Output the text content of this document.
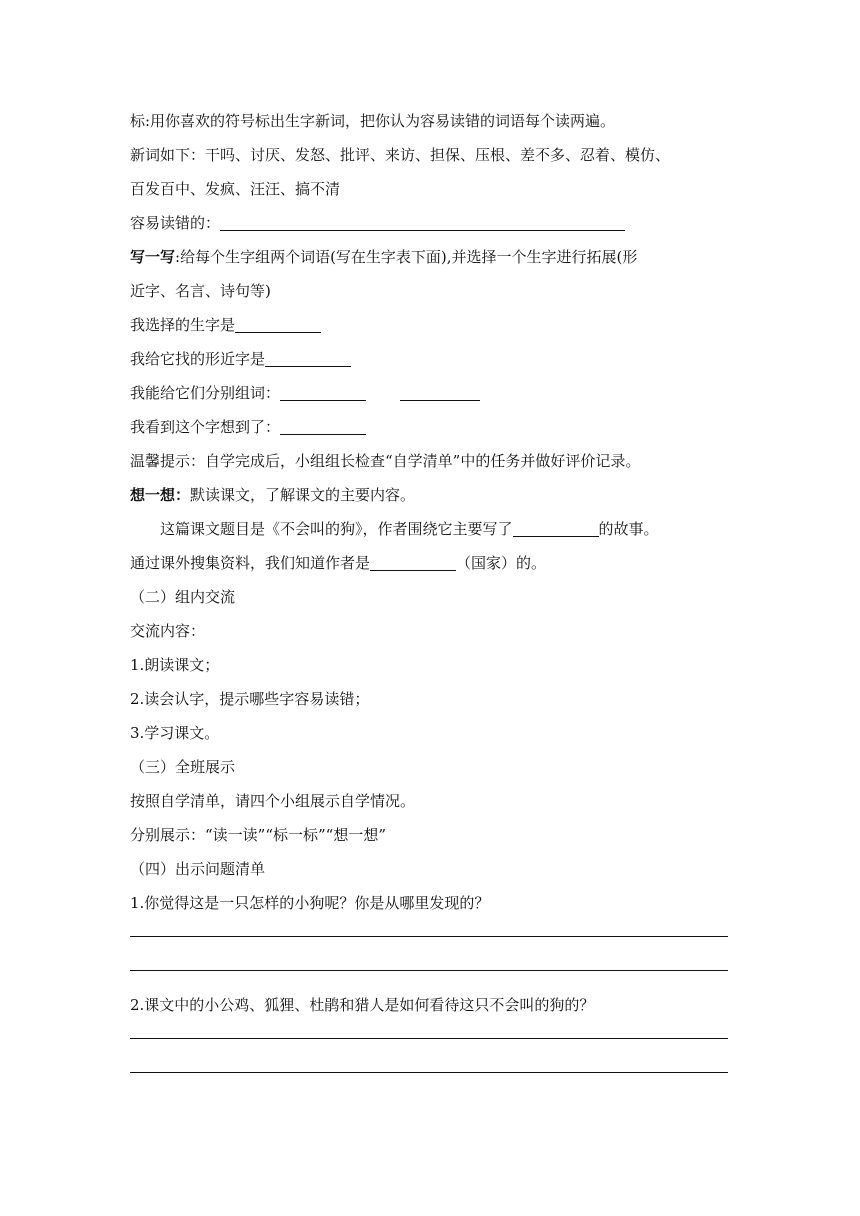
标:用你喜欢的符号标出生字新词，把你认为容易读错的词语每个读两遍。
新词如下：干吗、讨厌、发怒、批评、来访、担保、压根、差不多、忍着、模仿、
百发百中、发疯、汪汪、搞不清
容易读错的：
写一写:给每个生字组两个词语(写在生字表下面),并选择一个生字进行拓展(形
近字、名言、诗句等)
我选择的生字是
我给它找的形近字是
我能给它们分别组词：
我看到这个字想到了：
温馨提示：自学完成后，小组组长检查“自学清单”中的任务并做好评价记录。
想一想：默读课文，了解课文的主要内容。
这篇课文题目是《不会叫的狗》，作者围绕它主要写了	的故事。
通过课外搜集资料，我们知道作者是	（国家）的。
（二）组内交流
交流内容：
1.朗读课文；
2.读会认字，提示哪些字容易读错；
3.学习课文。
（三）全班展示
按照自学清单，请四个小组展示自学情况。
分别展示：“读一读”“标一标”“想一想”
（四）出示问题清单
1.你觉得这是一只怎样的小狗呢？你是从哪里发现的？
2.课文中的小公鸡、狐狸、杜鹃和猎人是如何看待这只不会叫的狗的？
